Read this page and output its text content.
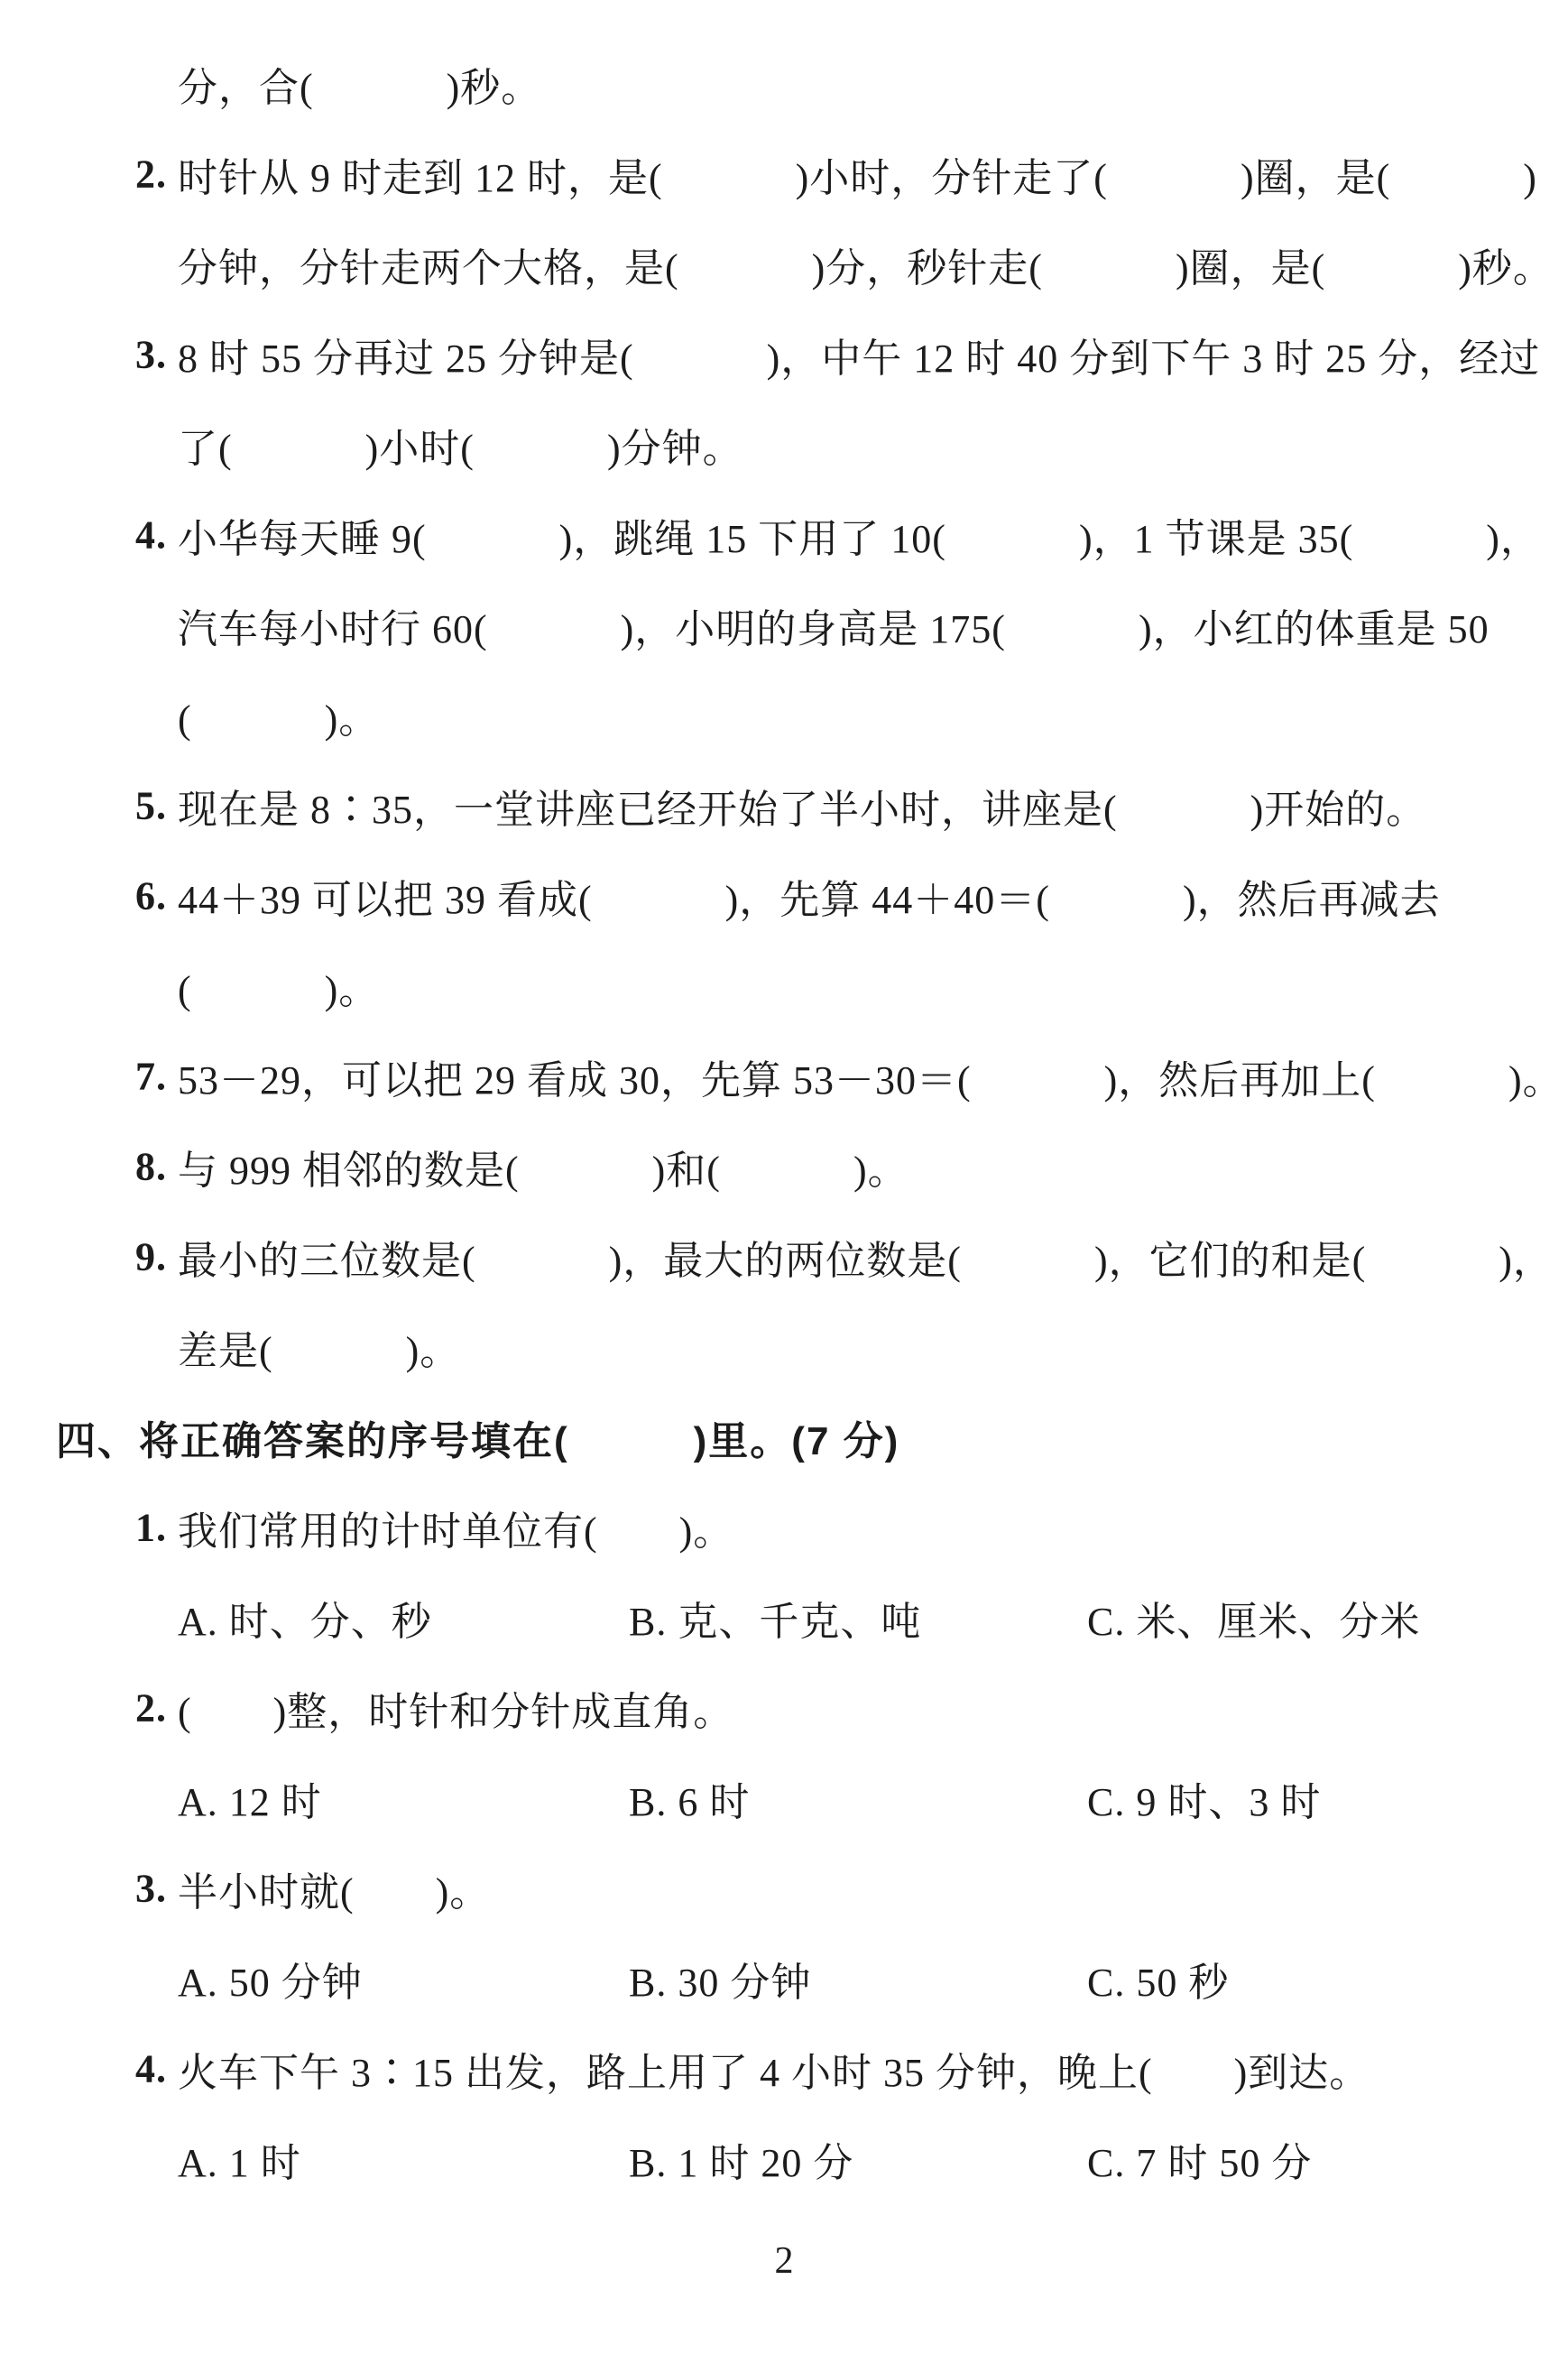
分，合(　　　 )秒。
2. 时针从 9 时走到 12 时，是(　　　 )小时，分针走了(　　　 )圈，是(　　　 )
分钟，分针走两个大格，是(　　　 )分，秒针走(　　　 )圈，是(　　　 )秒。
3. 8 时 55 分再过 25 分钟是(　　　 )，中午 12 时 40 分到下午 3 时 25 分，经过
了(　　　 )小时(　　　 )分钟。
4. 小华每天睡 9(　　　 )，跳绳 15 下用了 10(　　　 )，1 节课是 35(　　　 )，
汽车每小时行 60(　　　 )，小明的身高是 175(　　　 )，小红的体重是 50
(　　　 )。
5. 现在是 8∶35，一堂讲座已经开始了半小时，讲座是(　　　 )开始的。
6. 44＋39 可以把 39 看成(　　　 )，先算 44＋40＝(　　　 )，然后再减去
(　　　 )。
7. 53－29，可以把 29 看成 30，先算 53－30＝(　　　 )，然后再加上(　　　 )。
8. 与 999 相邻的数是(　　　 )和(　　　 )。
9. 最小的三位数是(　　　 )，最大的两位数是(　　　 )，它们的和是(　　　 )，
差是(　　　 )。
四、将正确答案的序号填在(　　　)里。(7 分)
1. 我们常用的计时单位有(　　)。
A. 时、分、秒	B. 克、千克、吨	C. 米、厘米、分米
2. (　　)整，时针和分针成直角。
A. 12 时	B. 6 时	C. 9 时、3 时
3. 半小时就(　　)。
A. 50 分钟	B. 30 分钟	C. 50 秒
4. 火车下午 3∶15 出发，路上用了 4 小时 35 分钟，晚上(　　)到达。
A. 1 时	B. 1 时 20 分	C. 7 时 50 分
2
